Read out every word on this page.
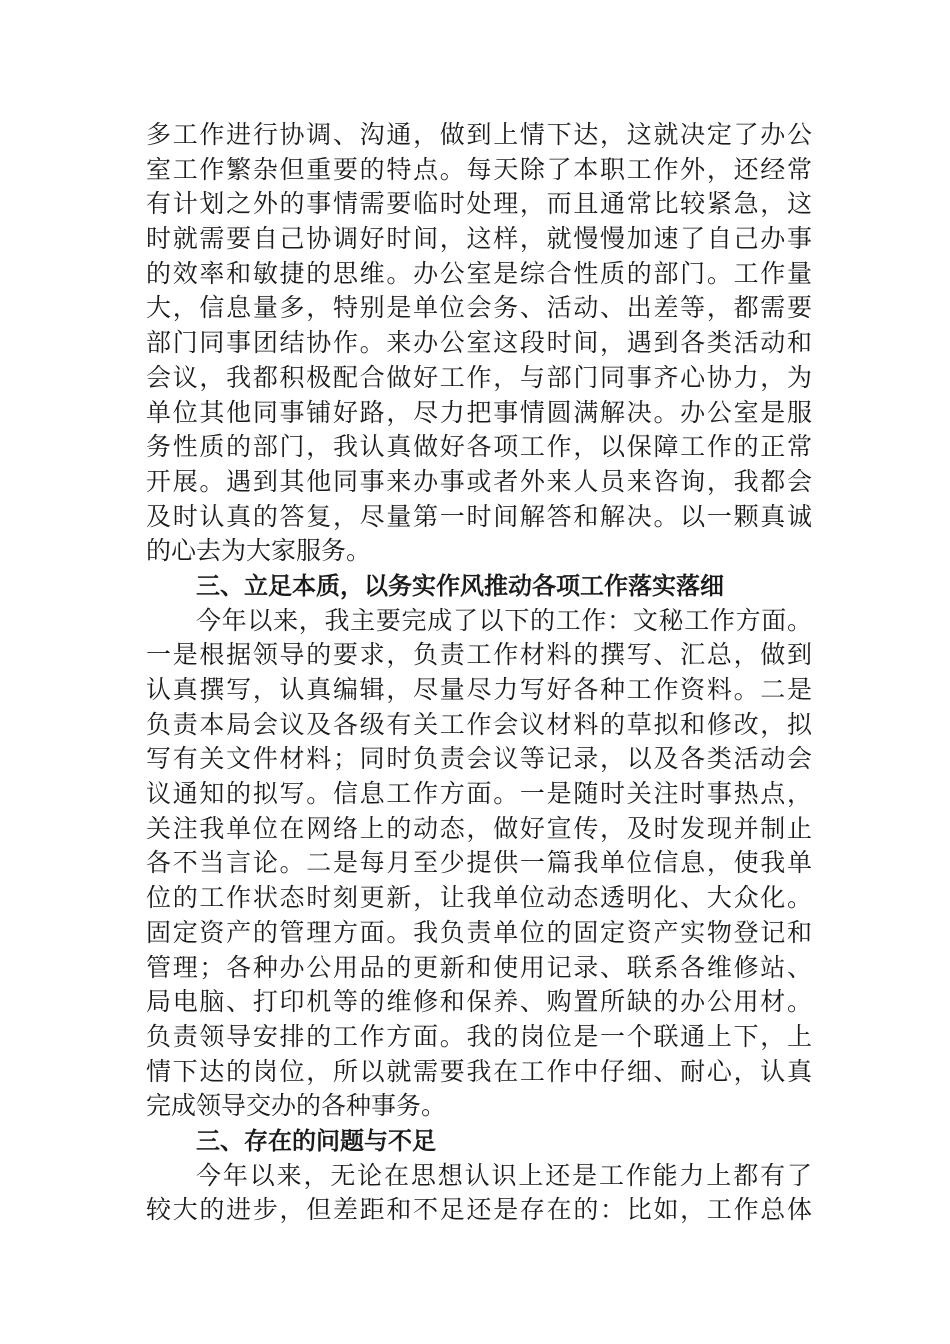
多工作进行协调、沟通，做到上情下达，这就决定了办公
室工作繁杂但重要的特点。每天除了本职工作外，还经常
有计划之外的事情需要临时处理，而且通常比较紧急，这
时就需要自己协调好时间，这样，就慢慢加速了自己办事
的效率和敏捷的思维。办公室是综合性质的部门。工作量
大，信息量多，特别是单位会务、活动、出差等，都需要
部门同事团结协作。来办公室这段时间，遇到各类活动和
会议，我都积极配合做好工作，与部门同事齐心协力，为
单位其他同事铺好路，尽力把事情圆满解决。办公室是服
务性质的部门，我认真做好各项工作，以保障工作的正常
开展。遇到其他同事来办事或者外来人员来咨询，我都会
及时认真的答复，尽量第一时间解答和解决。以一颗真诚
的心去为大家服务。
三、立足本质，以务实作风推动各项工作落实落细
今年以来，我主要完成了以下的工作：文秘工作方面。
一是根据领导的要求，负责工作材料的撰写、汇总，做到
认真撰写，认真编辑，尽量尽力写好各种工作资料。二是
负责本局会议及各级有关工作会议材料的草拟和修改，拟
写有关文件材料；同时负责会议等记录，以及各类活动会
议通知的拟写。信息工作方面。一是随时关注时事热点，
关注我单位在网络上的动态，做好宣传，及时发现并制止
各不当言论。二是每月至少提供一篇我单位信息，使我单
位的工作状态时刻更新，让我单位动态透明化、大众化。
固定资产的管理方面。我负责单位的固定资产实物登记和
管理；各种办公用品的更新和使用记录、联系各维修站、
局电脑、打印机等的维修和保养、购置所缺的办公用材。
负责领导安排的工作方面。我的岗位是一个联通上下，上
情下达的岗位，所以就需要我在工作中仔细、耐心，认真
完成领导交办的各种事务。
三、存在的问题与不足
今年以来，无论在思想认识上还是工作能力上都有了
较大的进步，但差距和不足还是存在的：比如，工作总体
